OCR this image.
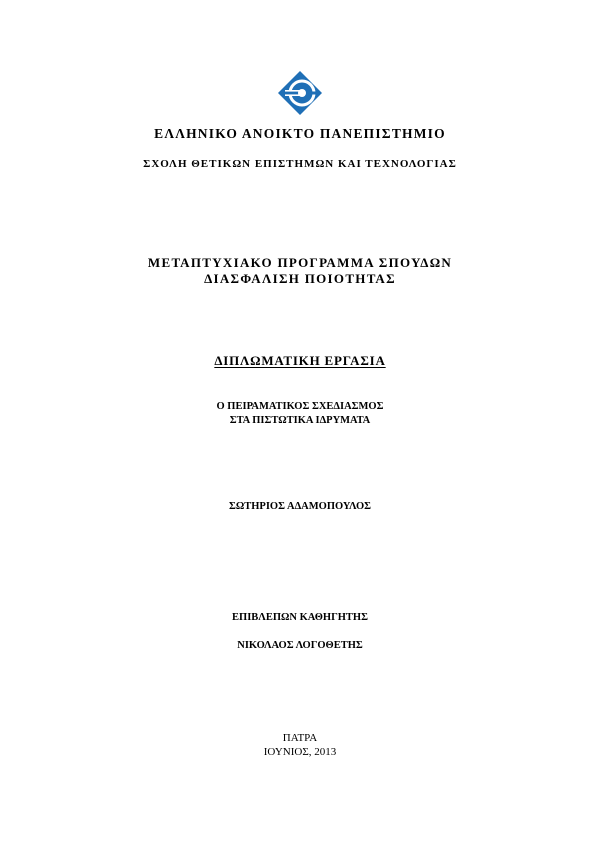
ΕΛΛΗΝΙΚΟ ΑΝΟΙΚΤΟ ΠΑΝΕΠΙΣΤΗΜΙΟ
ΣΧΟΛΗ ΘΕΤΙΚΩΝ ΕΠΙΣΤΗΜΩΝ ΚΑΙ ΤΕΧΝΟΛΟΓΙΑΣ
ΜΕΤΑΠΤΥΧΙΑΚΟ ΠΡΟΓΡΑΜΜΑ ΣΠΟΥΔΩΝ
ΔΙΑΣΦΑΛΙΣΗ ΠΟΙΟΤΗΤΑΣ
ΔΙΠΛΩΜΑΤΙΚΗ ΕΡΓΑΣΙΑ
Ο ΠΕΙΡΑΜΑΤΙΚΟΣ ΣΧΕΔΙΑΣΜΟΣ
ΣΤΑ ΠΙΣΤΩΤΙΚΑ ΙΔΡΥΜΑΤΑ
ΣΩΤΗΡΙΟΣ ΑΔΑΜΟΠΟΥΛΟΣ
ΕΠΙΒΛΕΠΩΝ ΚΑΘΗΓΗΤΗΣ
ΝΙΚΟΛΑΟΣ ΛΟΓΟΘΕΤΗΣ
ΠΑΤΡΑ
ΙΟΥΝΙΟΣ, 2013
